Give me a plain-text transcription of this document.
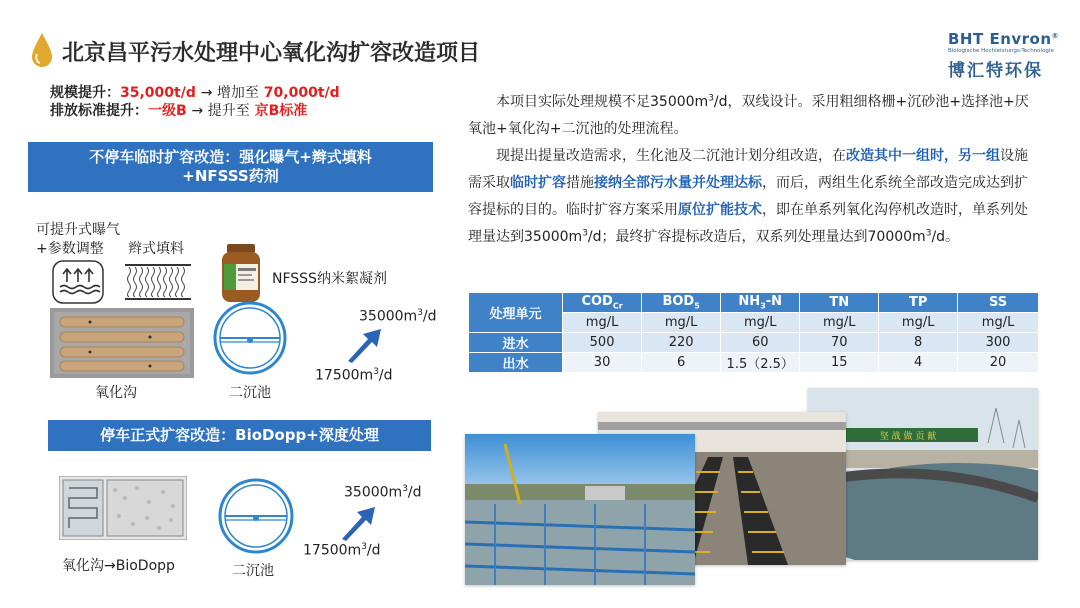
北京昌平污水处理中心氧化沟扩容改造项目
BHT Envron®
Biologische Hochleistungs-Technologie
博汇特环保
规模提升：35,000t/d → 增加至 70,000t/d
排放标准提升：一级B → 提升至 京B标准
不停车临时扩容改造：强化曝气+辫式填料
+NFSSS药剂
可提升式曝气
+参数调整 辫式填料
氧化沟
NFSSS纳米絮凝剂
二沉池
$35000m^3/d$
$17500m^3/d$
停车正式扩容改造：BioDopp+深度处理
氧化沟→BioDopp	二沉池
$35000m^3/d$
$17500m^3/d$

本项目实际处理规模不足$35000m^3/d$，双线设计。采用粗细格栅+沉砂池+选择池+厌氧池+氧化沟+二沉池的处理流程。

现提出提量改造需求，生化池及二沉池计划分组改造，在改造其中一组时，另一组设施需采取临时扩容措施接纳全部污水量并处理达标，而后，两组生化系统全部改造完成达到扩容提标的目的。临时扩容方案采用原位扩能技术，即在单系列氧化沟停机改造时，单系列处理量达到$35000m^3/d$；最终扩容提标改造后，双系列处理量达到$70000m^3/d$。

处理单元	$COD_{Cr}$	$BOD_5$	$NH_3-N$	TN	TP	SS
	mg/L	mg/L	mg/L	mg/L	mg/L	mg/L
进水	500	220	60	70	8	300
出水	30	6	1.5（2.5）	15	4	20
坚 战 做 贡 献
